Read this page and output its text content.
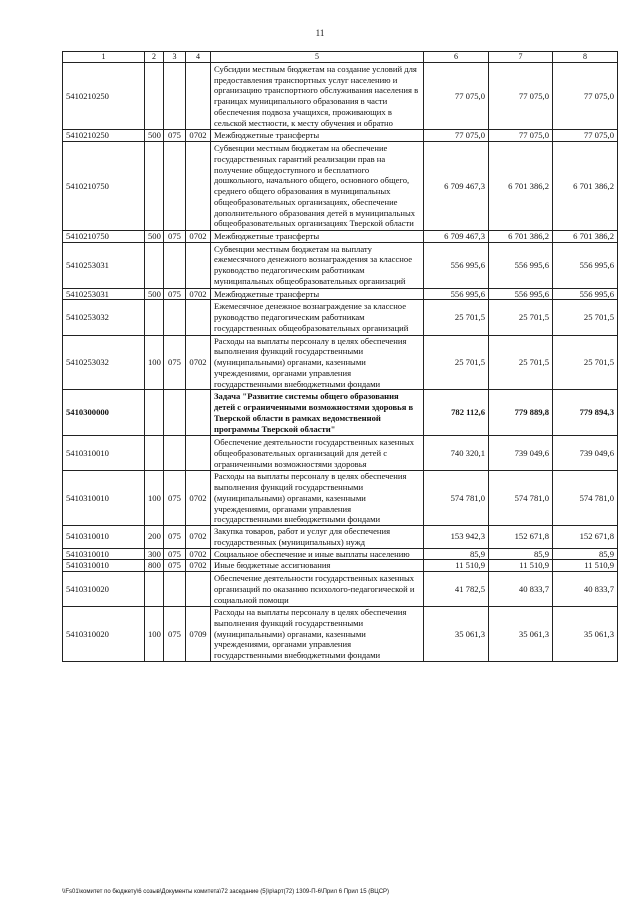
11
1	2	3	4	5	6	7	8
5410210250				Субсидии местным бюджетам на создание условий для предоставления транспортных услуг населению и организацию транспортного обслуживания населения в границах муниципального образования в части обеспечения подвоза учащихся, проживающих в сельской местности, к месту обучения и обратно	77 075,0	77 075,0	77 075,0
5410210250	500	075	0702	Межбюджетные трансферты	77 075,0	77 075,0	77 075,0
5410210750				Субвенции местным бюджетам на обеспечение государственных гарантий реализации прав на получение общедоступного и бесплатного дошкольного, начального общего, основного общего, среднего общего образования в муниципальных общеобразовательных организациях, обеспечение дополнительного образования детей в муниципальных общеобразовательных организациях Тверской области	6 709 467,3	6 701 386,2	6 701 386,2
5410210750	500	075	0702	Межбюджетные трансферты	6 709 467,3	6 701 386,2	6 701 386,2
5410253031				Субвенции местным бюджетам на выплату ежемесячного денежного вознаграждения за классное руководство педагогическим работникам муниципальных общеобразовательных организаций	556 995,6	556 995,6	556 995,6
5410253031	500	075	0702	Межбюджетные трансферты	556 995,6	556 995,6	556 995,6
5410253032				Ежемесячное денежное вознаграждение за классное руководство педагогическим работникам государственных общеобразовательных организаций	25 701,5	25 701,5	25 701,5
5410253032	100	075	0702	Расходы на выплаты персоналу в целях обеспечения выполнения функций государственными (муниципальными) органами, казенными учреждениями, органами управления государственными внебюджетными фондами	25 701,5	25 701,5	25 701,5
5410300000				Задача "Развитие системы общего образования детей с ограниченными возможностями здоровья в Тверской области в рамках ведомственной программы Тверской области"	782 112,6	779 889,8	779 894,3
5410310010				Обеспечение деятельности государственных казенных общеобразовательных организаций для детей с ограниченными возможностями здоровья	740 320,1	739 049,6	739 049,6
5410310010	100	075	0702	Расходы на выплаты персоналу в целях обеспечения выполнения функций государственными (муниципальными) органами, казенными учреждениями, органами управления государственными внебюджетными фондами	574 781,0	574 781,0	574 781,0
5410310010	200	075	0702	Закупка товаров, работ и услуг для обеспечения государственных (муниципальных) нужд	153 942,3	152 671,8	152 671,8
5410310010	300	075	0702	Социальное обеспечение и иные выплаты населению	85,9	85,9	85,9
5410310010	800	075	0702	Иные бюджетные ассигнования	11 510,9	11 510,9	11 510,9
5410310020				Обеспечение деятельности государственных казенных организаций по оказанию психолого-педагогической и социальной помощи	41 782,5	40 833,7	40 833,7
5410310020	100	075	0709	Расходы на выплаты персоналу в целях обеспечения выполнения функций государственными (муниципальными) органами, казенными учреждениями, органами управления государственными внебюджетными фондами	35 061,3	35 061,3	35 061,3
\\Fs01\комитет по бюджету\6 созыв\Документы комитета\72 заседание (5)\р\арт(72) 1309-П-6\Прил 6 Прил 15 (ВЦСР)
